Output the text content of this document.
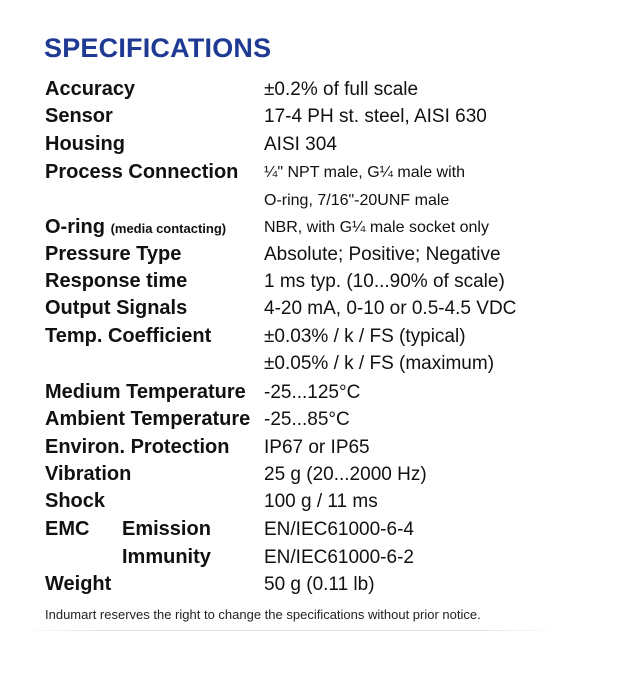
SPECIFICATIONS
Accuracy	±0.2% of full scale
Sensor	17-4 PH st. steel, AISI 630
Housing	AISI 304
Process Connection ¼" NPT male, G¼ male with
O-ring, 7/16"-20UNF male
O-ring (media contacting) NBR, with G¼ male socket only
Pressure Type	Absolute; Positive; Negative
Response time	1 ms typ. (10...90% of scale)
Output Signals	4-20 mA, 0-10 or 0.5-4.5 VDC
Temp. Coefficient	±0.03% / k / FS (typical)
±0.05% / k / FS (maximum)
Medium Temperature -25...125°C
Ambient Temperature -25...85°C
Environ. Protection IP67 or IP65
Vibration	25 g (20...2000 Hz)
Shock	100 g / 11 ms
EMC Emission	EN/IEC61000-6-4
Immunity	EN/IEC61000-6-2
Weight	50 g (0.11 lb)
Indumart reserves the right to change the specifications without prior notice.
